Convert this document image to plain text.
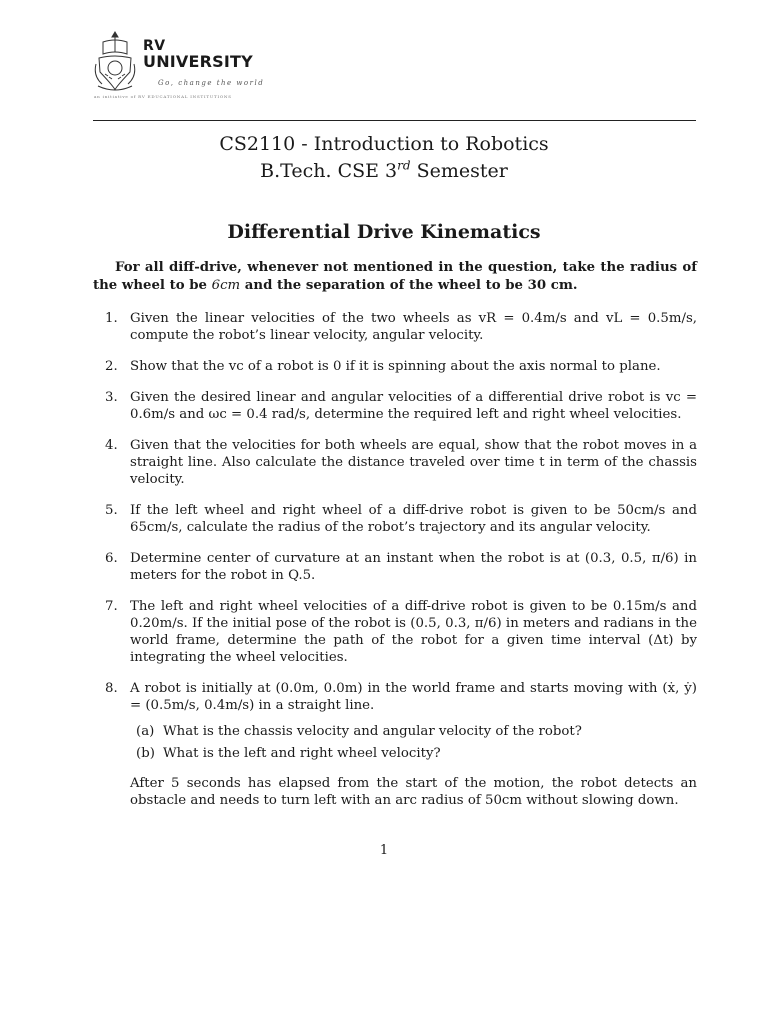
RV
UNIVERSITY
Go, change the world
an initiative of RV EDUCATIONAL INSTITUTIONS
CS2110 - Introduction to Robotics
B.Tech. CSE 3rd Semester
Differential Drive Kinematics
For all diff-drive, whenever not mentioned in the question, take the radius of the wheel to be 6cm and the separation of the wheel to be 30 cm.
1. Given the linear velocities of the two wheels as vR = 0.4m/s and vL = 0.5m/s, compute the robot’s linear velocity, angular velocity.
2. Show that the vc of a robot is 0 if it is spinning about the axis normal to plane.
3. Given the desired linear and angular velocities of a differential drive robot is vc = 0.6m/s and ωc = 0.4 rad/s, determine the required left and right wheel velocities.
4. Given that the velocities for both wheels are equal, show that the robot moves in a straight line. Also calculate the distance traveled over time t in term of the chassis velocity.
5. If the left wheel and right wheel of a diff-drive robot is given to be 50cm/s and 65cm/s, calculate the radius of the robot’s trajectory and its angular velocity.
6. Determine center of curvature at an instant when the robot is at (0.3, 0.5, π/6) in meters for the robot in Q.5.
7. The left and right wheel velocities of a diff-drive robot is given to be 0.15m/s and 0.20m/s. If the initial pose of the robot is (0.5, 0.3, π/6) in meters and radians in the world frame, determine the path of the robot for a given time interval (Δt) by integrating the wheel velocities.
8. A robot is initially at (0.0m, 0.0m) in the world frame and starts moving with (ẋ, ẏ) = (0.5m/s, 0.4m/s) in a straight line.
(a) What is the chassis velocity and angular velocity of the robot?
(b) What is the left and right wheel velocity?
After 5 seconds has elapsed from the start of the motion, the robot detects an obstacle and needs to turn left with an arc radius of 50cm without slowing down.
1
